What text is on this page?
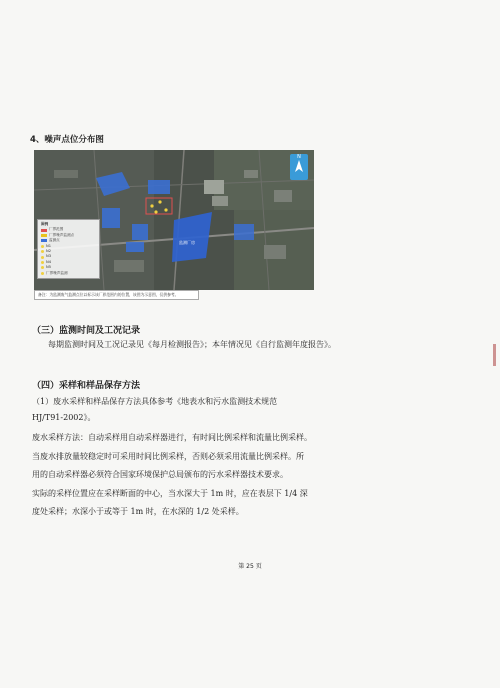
4、噪声点位分布图
监测厂房
图例
厂界范围
厂界噪声监测点
监测点
N1
N2
N3
N4
N5
厂界噪声监测
N
备注：为监测废气监测点位以标示该厂界范围内的位置，该图为示意图，仅供参考。
（三）监测时间及工况记录
每期监测时间及工况记录见《每月检测报告》；本年情况见《自行监测年度报告》。
（四）采样和样品保存方法
（1）废水采样和样品保存方法具体参考《地表水和污水监测技术规范
HJ/T91-2002》。
废水采样方法：自动采样用自动采样器进行，有时间比例采样和流量比例采样。
当废水排放量较稳定时可采用时间比例采样，否则必须采用流量比例采样。所
用的自动采样器必须符合国家环境保护总局颁布的污水采样器技术要求。
实际的采样位置应在采样断面的中心，当水深大于 1m 时，应在表层下 1/4 深
度处采样；水深小于或等于 1m 时，在水深的 1/2 处采样。
第 25 页
